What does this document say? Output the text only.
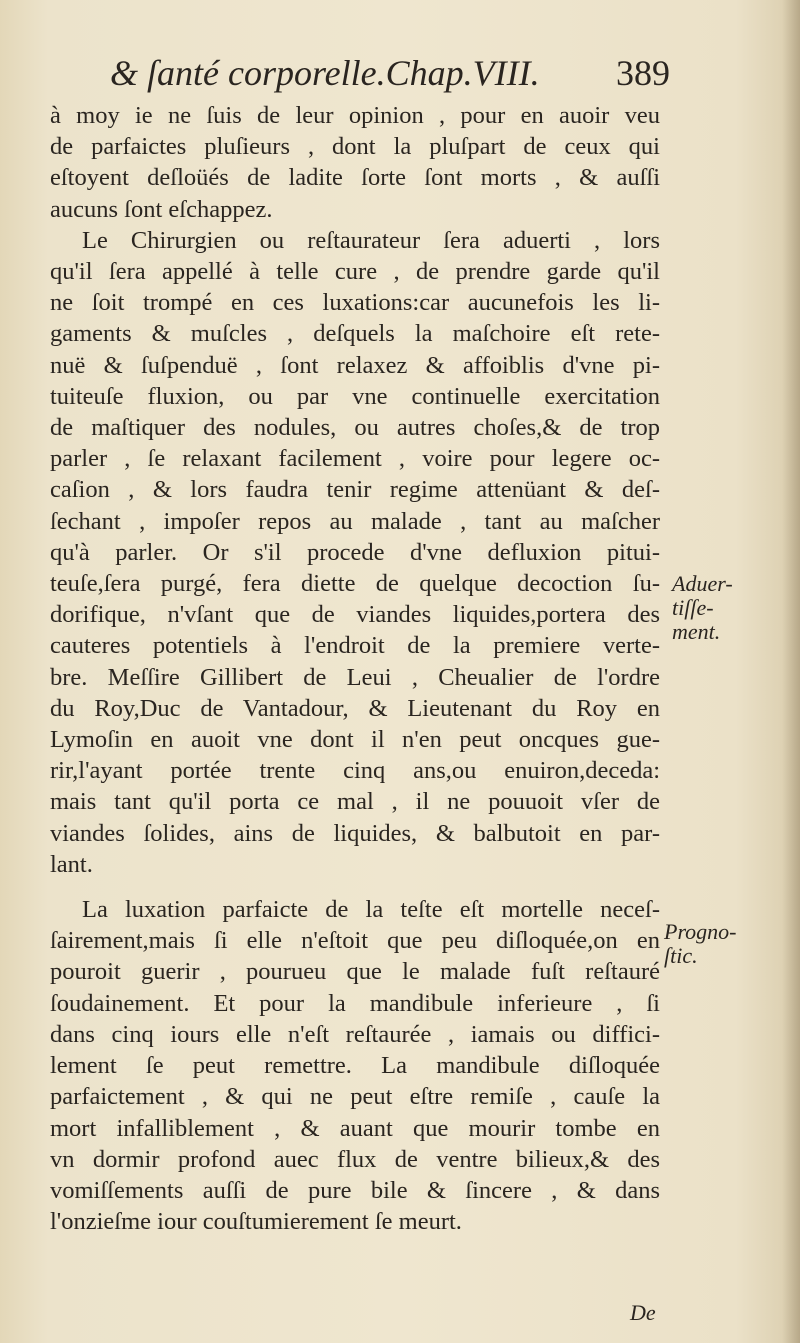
& ſanté corporelle.Chap.VIII. 389
à moy ie ne ſuis de leur opinion , pour en auoir veu
de parfaictes pluſieurs , dont la pluſpart de ceux qui
eſtoyent deſloüés de ladite ſorte ſont morts , & auſſi
aucuns ſont eſchappez.
Le Chirurgien ou reſtaurateur ſera aduerti , lors
qu'il ſera appellé à telle cure , de prendre garde qu'il
ne ſoit trompé en ces luxations:car aucunefois les li-
gaments & muſcles , deſquels la maſchoire eſt rete-
nuë & ſuſpenduë , ſont relaxez & affoiblis d'vne pi-
tuiteuſe fluxion, ou par vne continuelle exercitation
de maſtiquer des nodules, ou autres choſes,& de trop
parler , ſe relaxant facilement , voire pour legere oc-
caſion , & lors faudra tenir regime attenüant & deſ-
ſechant , impoſer repos au malade , tant au maſcher
qu'à parler. Or s'il procede d'vne defluxion pitui-
teuſe,ſera purgé, fera diette de quelque decoction ſu-
dorifique, n'vſant que de viandes liquides,portera des
cauteres potentiels à l'endroit de la premiere verte-
bre. Meſſire Gillibert de Leui , Cheualier de l'ordre
du Roy,Duc de Vantadour, & Lieutenant du Roy en
Lymoſin en auoit vne dont il n'en peut oncques gue-
rir,l'ayant portée trente cinq ans,ou enuiron,deceda:
mais tant qu'il porta ce mal , il ne pouuoit vſer de
viandes ſolides, ains de liquides, & balbutoit en par-
lant.
La luxation parfaicte de la teſte eſt mortelle neceſ-
ſairement,mais ſi elle n'eſtoit que peu diſloquée,on en
pouroit guerir , pourueu que le malade fuſt reſtauré
ſoudainement. Et pour la mandibule inferieure , ſi
dans cinq iours elle n'eſt reſtaurée , iamais ou diffici-
lement ſe peut remettre. La mandibule diſloquée
parfaictement , & qui ne peut eſtre remiſe , cauſe la
mort infalliblement , & auant que mourir tombe en
vn dormir profond auec flux de ventre bilieux,& des
vomiſſements auſſi de pure bile & ſincere , & dans
l'onzieſme iour couſtumierement ſe meurt.
Aduer-
tiſſe-
ment.
Progno-
ſtic.
De
